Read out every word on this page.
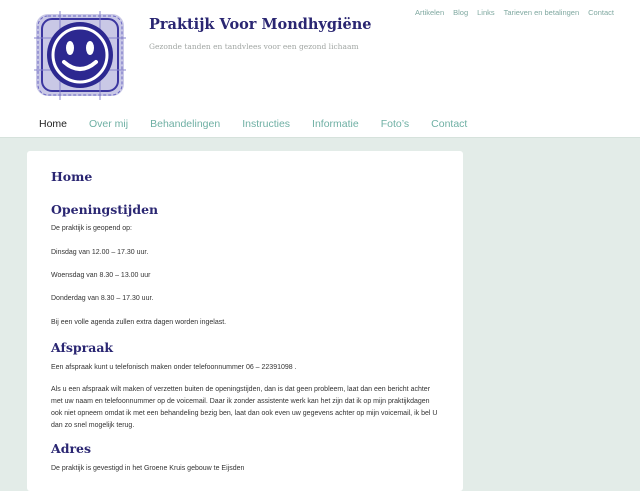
Praktijk Voor Mondhygiëne
Gezonde tanden en tandvlees voor een gezond lichaam
Artikelen Blog Links Tarieven en betalingen Contact
Home Over mij Behandelingen Instructies Informatie Foto’s Contact
Home
Openingstijden

De praktijk is geopend op:

Dinsdag van 12.00 – 17.30 uur.

Woensdag van 8.30 – 13.00 uur

Donderdag van 8.30 – 17.30 uur.

Bij een volle agenda zullen extra dagen worden ingelast.

Afspraak

Een afspraak kunt u telefonisch maken onder telefoonnummer 06 – 22391098 .

Als u een afspraak wilt maken of verzetten buiten de openingstijden, dan is dat geen probleem, laat dan een bericht achter met uw naam en telefoonnummer op de voicemail. Daar ik zonder assistente werk kan het zijn dat ik op mijn praktijkdagen ook niet opneem omdat ik met een behandeling bezig ben, laat dan ook even uw gegevens achter op mijn voicemail, ik bel U dan zo snel mogelijk terug.

Adres

De praktijk is gevestigd in het Groene Kruis gebouw te Eijsden
